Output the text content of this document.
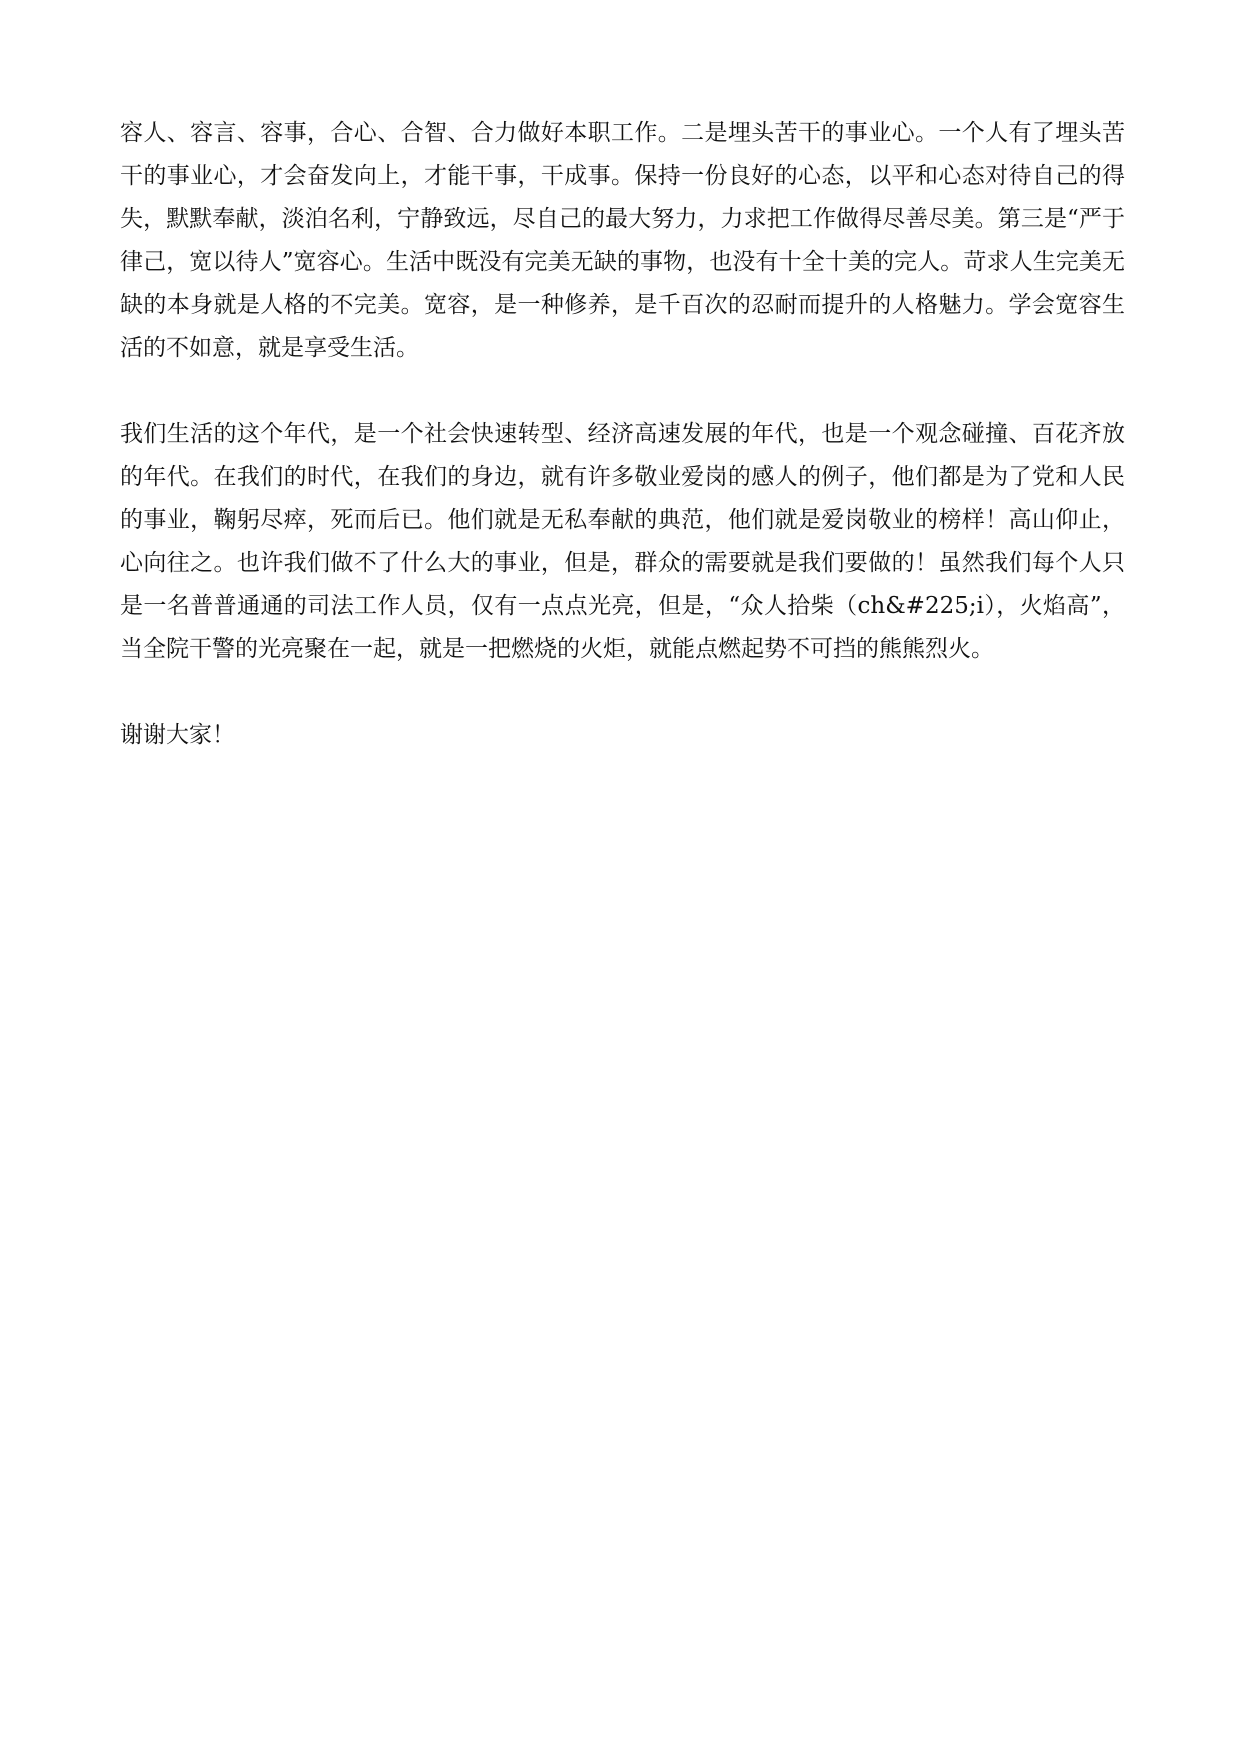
容人、容言、容事，合心、合智、合力做好本职工作。二是埋头苦干的事业心。一个人有了埋头苦干的事业心，才会奋发向上，才能干事，干成事。保持一份良好的心态，以平和心态对待自己的得失，默默奉献，淡泊名利，宁静致远，尽自己的最大努力，力求把工作做得尽善尽美。第三是“严于律己，宽以待人”宽容心。生活中既没有完美无缺的事物，也没有十全十美的完人。苛求人生完美无缺的本身就是人格的不完美。宽容，是一种修养，是千百次的忍耐而提升的人格魅力。学会宽容生活的不如意，就是享受生活。

我们生活的这个年代，是一个社会快速转型、经济高速发展的年代，也是一个观念碰撞、百花齐放的年代。在我们的时代，在我们的身边，就有许多敬业爱岗的感人的例子，他们都是为了党和人民的事业，鞠躬尽瘁，死而后已。他们就是无私奉献的典范，他们就是爱岗敬业的榜样！高山仰止，心向往之。也许我们做不了什么大的事业，但是，群众的需要就是我们要做的！虽然我们每个人只是一名普普通通的司法工作人员，仅有一点点光亮，但是，“众人拾柴（ch&#225;i），火焰高”，当全院干警的光亮聚在一起，就是一把燃烧的火炬，就能点燃起势不可挡的熊熊烈火。

谢谢大家！
